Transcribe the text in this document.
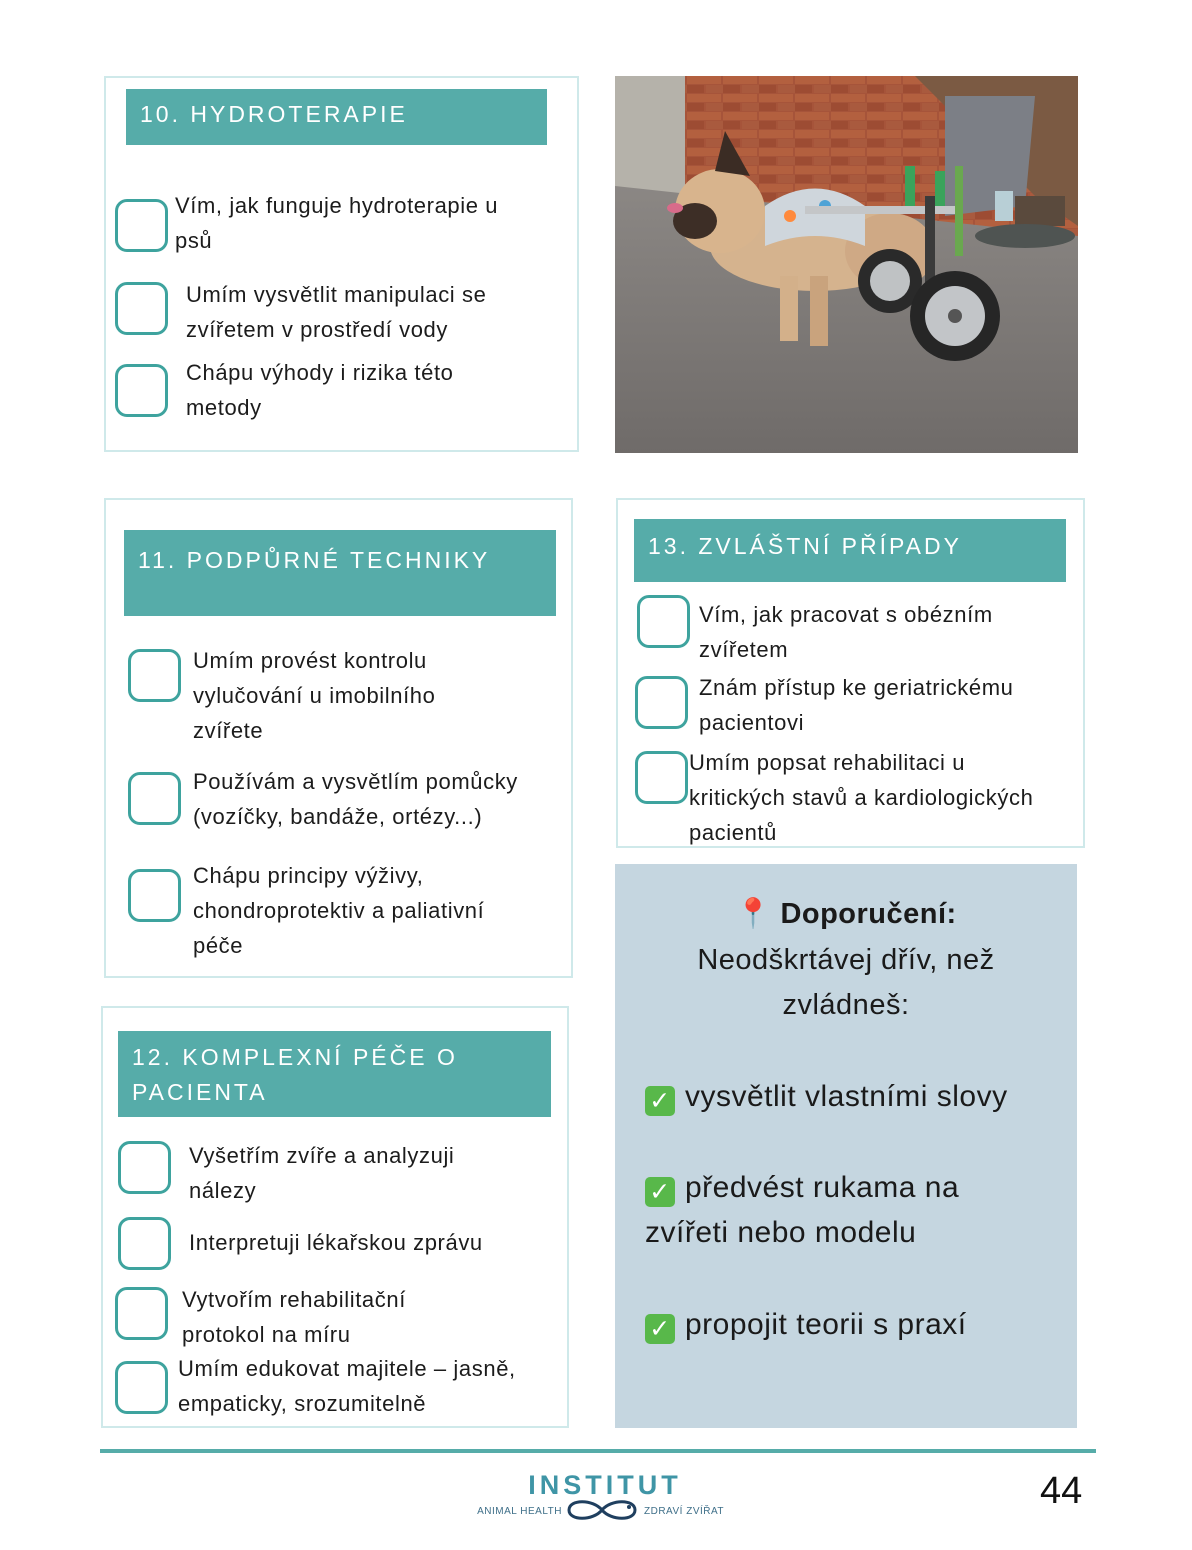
10. HYDROTERAPIE
Vím, jak funguje hydroterapie u
psů
Umím vysvětlit manipulaci se
zvířetem v prostředí vody
Chápu výhody i rizika této
metody
11. PODPŮRNÉ TECHNIKY
Umím provést kontrolu
vylučování u imobilního
zvířete
Používám a vysvětlím pomůcky
(vozíčky, bandáže, ortézy...)
Chápu principy výživy,
chondroprotektiv a paliativní
péče
12. KOMPLEXNÍ PÉČE O
PACIENTA
Vyšetřím zvíře a analyzuji
nálezy
Interpretuji lékařskou zprávu
Vytvořím rehabilitační
protokol na míru
Umím edukovat majitele – jasně,
empaticky, srozumitelně
13. ZVLÁŠTNÍ PŘÍPADY
Vím, jak pracovat s obézním
zvířetem
Znám přístup ke geriatrickému
pacientovi
Umím popsat rehabilitaci u
kritických stavů a kardiologických
pacientů
📍 Doporučení:
Neodškrtávej dřív, než
zvládneš:
✓ vysvětlit vlastními slovy
✓ předvést rukama na
zvířeti nebo modelu
✓ propojit teorii s praxí
INSTITUT
ANIMAL HEALTH	ZDRAVÍ ZVÍŘAT	44
